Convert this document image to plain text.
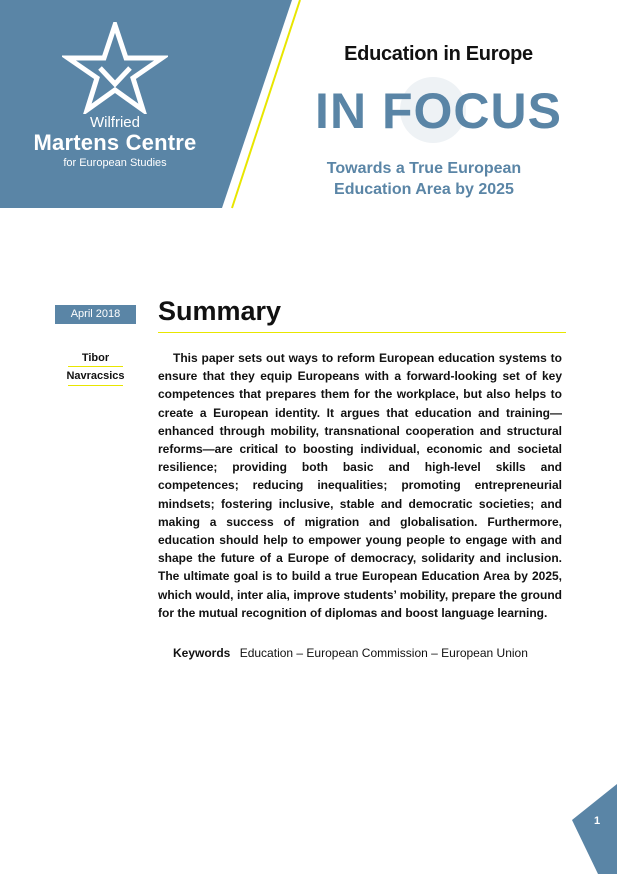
Wilfried
Martens Centre
for European Studies
Education in Europe
IN FOCUS
Towards a True European
Education Area by 2025
April 2018
Tibor
Navracsics
Summary

This paper sets out ways to reform European education systems to ensure that they equip Europeans with a forward-looking set of key competences that prepares them for the workplace, but also helps to create a European identity. It argues that education and training—enhanced through mobility, transnational cooperation and structural reforms—are critical to boosting individual, economic and societal resilience; providing both basic and high-level skills and competences; reducing inequalities; promoting entrepreneurial mindsets; fostering inclusive, stable and democratic societies; and making a success of migration and globalisation. Furthermore, education should help to empower young people to engage with and shape the future of a Europe of democracy, solidarity and inclusion. The ultimate goal is to build a true European Education Area by 2025, which would, inter alia, improve students’ mobility, prepare the ground for the mutual recognition of diplomas and boost language learning.

Keywords Education – European Commission – European Union
1
